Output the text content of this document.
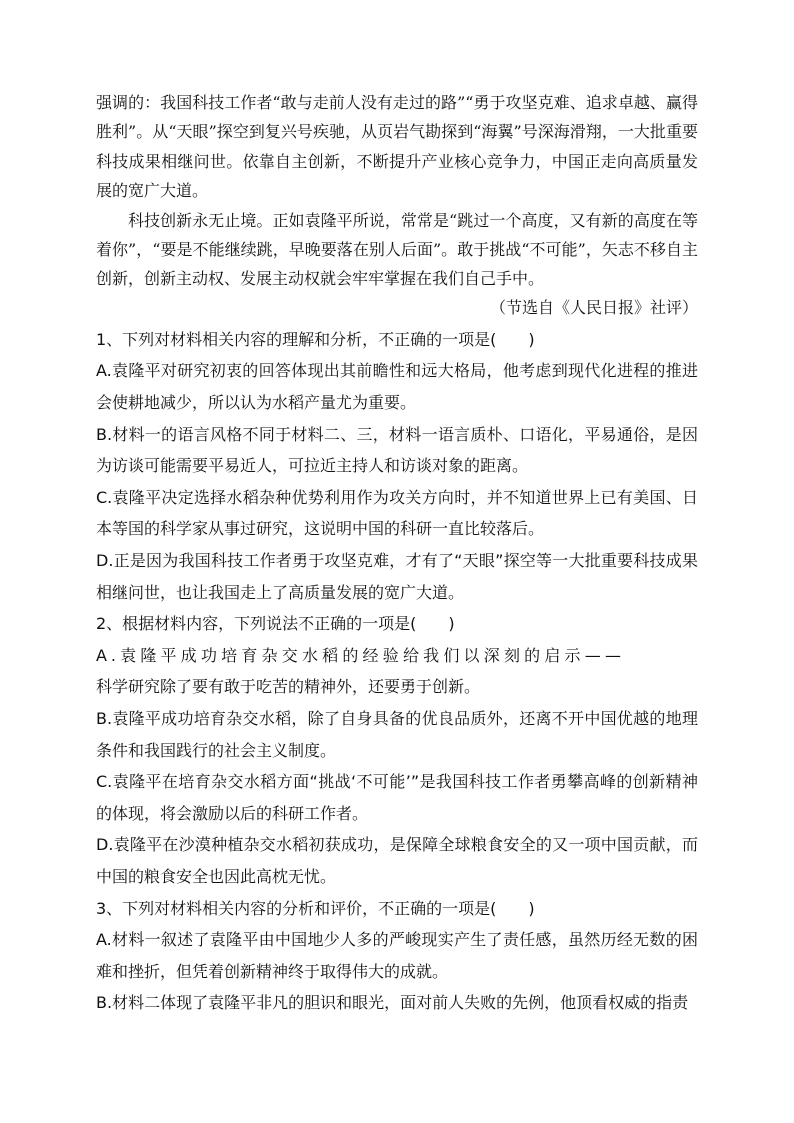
强调的：我国科技工作者“敢与走前人没有走过的路”“勇于攻坚克难、追求卓越、赢得胜利”。从“天眼”探空到复兴号疾驰，从页岩气勘探到“海翼”号深海滑翔，一大批重要科技成果相继问世。依靠自主创新，不断提升产业核心竞争力，中国正走向高质量发展的宽广大道。

科技创新永无止境。正如袁隆平所说，常常是“跳过一个高度，又有新的高度在等着你”，“要是不能继续跳，早晚要落在别人后面”。敢于挑战“不可能”，矢志不移自主创新，创新主动权、发展主动权就会牢牢掌握在我们自己手中。

（节选自《人民日报》社评）

1、下列对材料相关内容的理解和分析，不正确的一项是(　　)

A.袁隆平对研究初衷的回答体现出其前瞻性和远大格局，他考虑到现代化进程的推进会使耕地减少，所以认为水稻产量尤为重要。

B.材料一的语言风格不同于材料二、三，材料一语言质朴、口语化，平易通俗，是因为访谈可能需要平易近人，可拉近主持人和访谈对象的距离。

C.袁隆平决定选择水稻杂种优势利用作为攻关方向时，并不知道世界上已有美国、日本等国的科学家从事过研究，这说明中国的科研一直比较落后。

D.正是因为我国科技工作者勇于攻坚克难，才有了“天眼”探空等一大批重要科技成果相继问世，也让我国走上了高质量发展的宽广大道。

2、根据材料内容，下列说法不正确的一项是(　　)

A.袁隆平成功培育杂交水稻的经验给我们以深刻的启示——

科学研究除了要有敢于吃苦的精神外，还要勇于创新。

B.袁隆平成功培育杂交水稻，除了自身具备的优良品质外，还离不开中国优越的地理条件和我国践行的社会主义制度。

C.袁隆平在培育杂交水稻方面“挑战‘不可能’”是我国科技工作者勇攀高峰的创新精神的体现，将会激励以后的科研工作者。

D.袁隆平在沙漠种植杂交水稻初获成功，是保障全球粮食安全的又一项中国贡献，而中国的粮食安全也因此高枕无忧。

3、下列对材料相关内容的分析和评价，不正确的一项是(　　)

A.材料一叙述了袁隆平由中国地少人多的严峻现实产生了责任感，虽然历经无数的困难和挫折，但凭着创新精神终于取得伟大的成就。

B.材料二体现了袁隆平非凡的胆识和眼光，面对前人失败的先例，他顶看权威的指责
